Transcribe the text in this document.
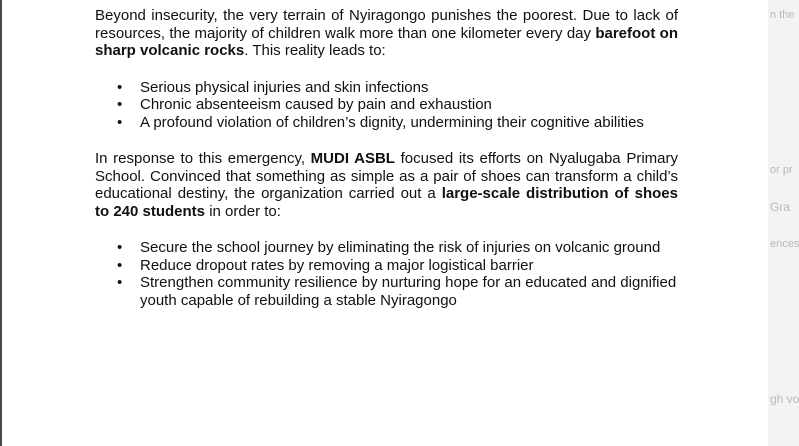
Beyond insecurity, the very terrain of Nyiragongo punishes the poorest. Due to lack of resources, the majority of children walk more than one kilometer every day barefoot on sharp volcanic rocks. This reality leads to:

• Serious physical injuries and skin infections
• Chronic absenteeism caused by pain and exhaustion
• A profound violation of children’s dignity, undermining their cognitive abilities

In response to this emergency, MUDI ASBL focused its efforts on Nyalugaba Primary School. Convinced that something as simple as a pair of shoes can transform a child’s educational destiny, the organization carried out a large-scale distribution of shoes to 240 students in order to:

• Secure the school journey by eliminating the risk of injuries on volcanic ground
• Reduce dropout rates by removing a major logistical barrier
• Strengthen community resilience by nurturing hope for an educated and dignified youth capable of rebuilding a stable Nyiragongo
n the
or pr
Gra
ences
gh vo
